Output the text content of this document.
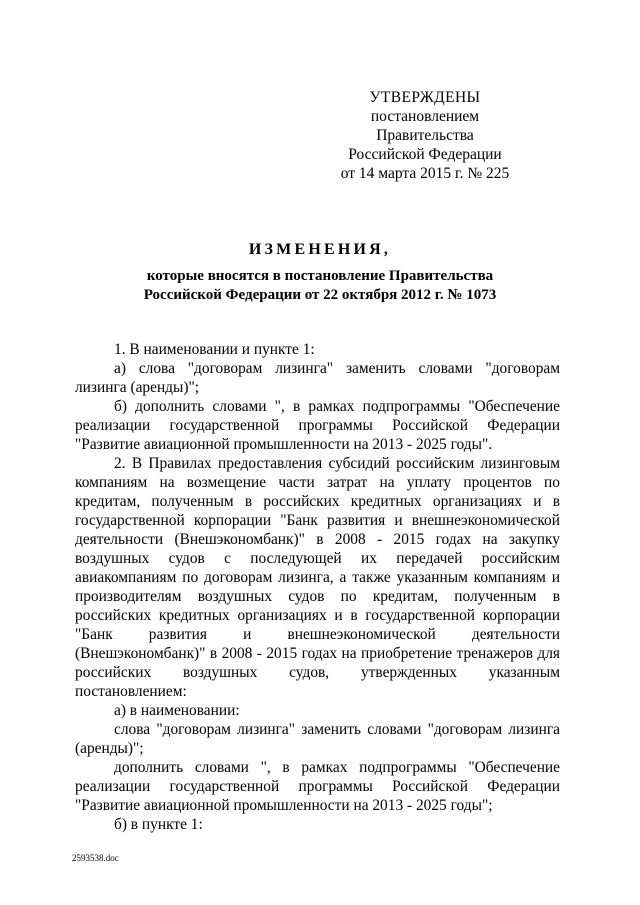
УТВЕРЖДЕНЫ
постановлением Правительства
Российской Федерации
от 14 марта 2015 г. № 225
ИЗМЕНЕНИЯ,
которые вносятся в постановление Правительства
Российской Федерации от 22 октября 2012 г. № 1073

1. В наименовании и пункте 1:

а) слова "договорам лизинга" заменить словами "договорам лизинга (аренды)";

б) дополнить словами ", в рамках подпрограммы "Обеспечение реализации государственной программы Российской Федерации "Развитие авиационной промышленности на 2013 - 2025 годы".

2. В Правилах предоставления субсидий российским лизинговым компаниям на возмещение части затрат на уплату процентов по кредитам, полученным в российских кредитных организациях и в государственной корпорации "Банк развития и внешнеэкономической деятельности (Внешэкономбанк)" в 2008 - 2015 годах на закупку воздушных судов с последующей их передачей российским авиакомпаниям по договорам лизинга, а также указанным компаниям и производителям воздушных судов по кредитам, полученным в российских кредитных организациях и в государственной корпорации "Банк развития и внешнеэкономической деятельности (Внешэкономбанк)" в 2008 - 2015 годах на приобретение тренажеров для российских воздушных судов, утвержденных указанным постановлением:

а) в наименовании:

слова "договорам лизинга" заменить словами "договорам лизинга (аренды)";

дополнить словами ", в рамках подпрограммы "Обеспечение реализации государственной программы Российской Федерации "Развитие авиационной промышленности на 2013 - 2025 годы";

б) в пункте 1:

2593538.doc
